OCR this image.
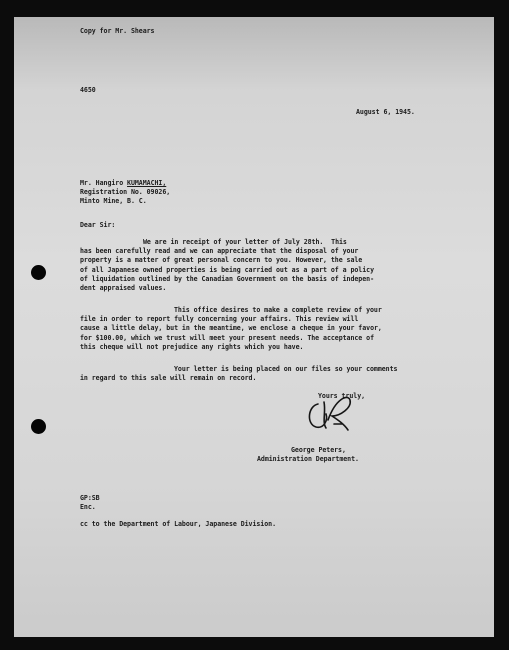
Copy for Mr. Shears
4650
August 6, 1945.
Mr. Hangiro KUMAMACHI,
Registration No. 09026,
Minto Mine, B. C.
Dear Sir:
We are in receipt of your letter of July 28th.  This
has been carefully read and we can appreciate that the disposal of your
property is a matter of great personal concern to you. However, the sale
of all Japanese owned properties is being carried out as a part of a policy
of liquidation outlined by the Canadian Government on the basis of indepen-
dent appraised values.
This office desires to make a complete review of your
file in order to report fully concerning your affairs. This review will
cause a little delay, but in the meantime, we enclose a cheque in your favor,
for $100.00, which we trust will meet your present needs. The acceptance of
this cheque will not prejudice any rights which you have.
Your letter is being placed on our files so your comments
in regard to this sale will remain on record.
Yours truly,
George Peters,
Administration Department.
GP:SB
Enc.
cc to the Department of Labour, Japanese Division.
